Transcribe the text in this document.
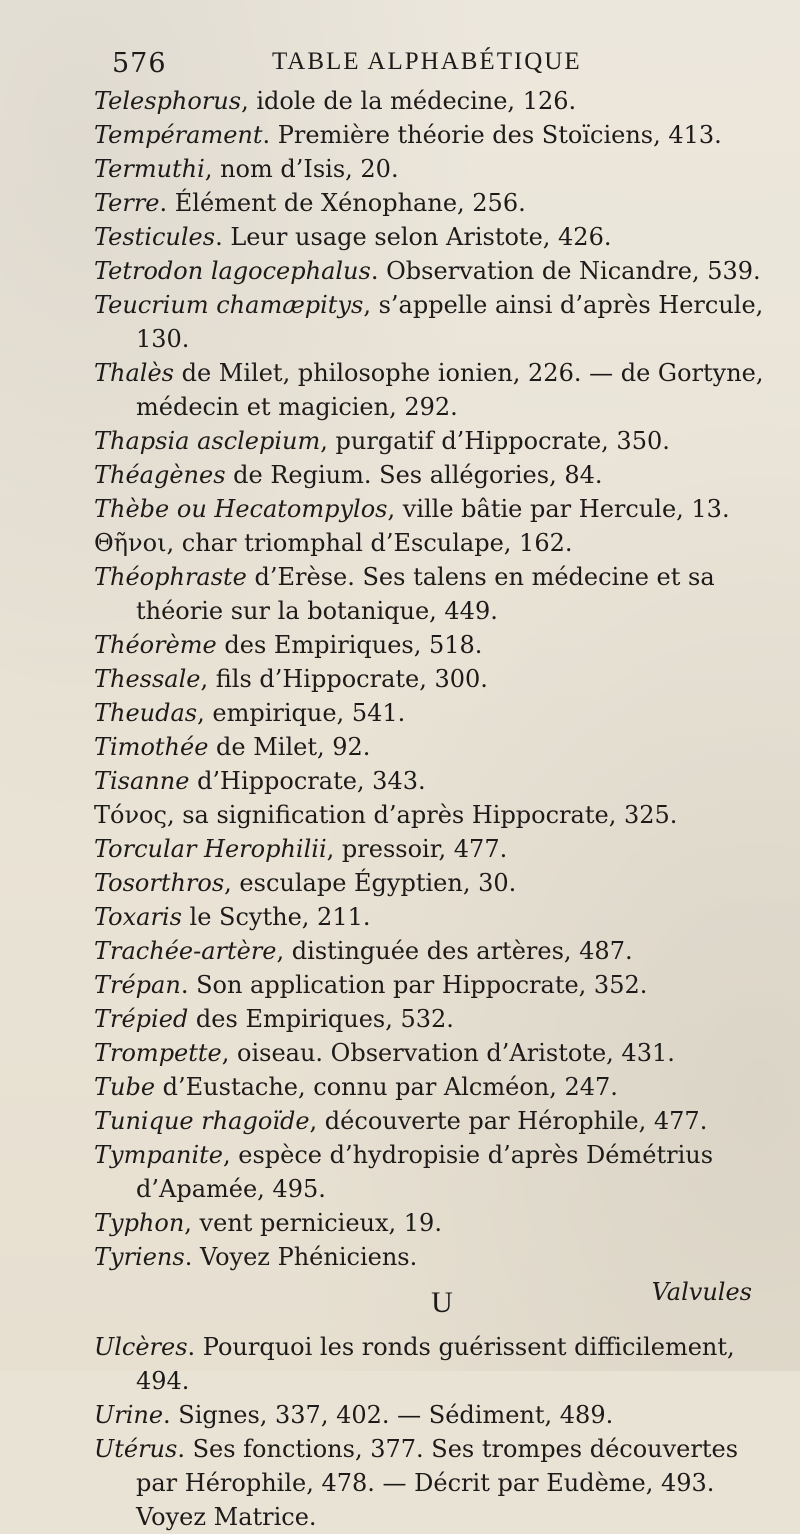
576	TABLE ALPHABÉTIQUE

Telesphorus, idole de la médecine, 126.

Tempérament. Première théorie des Stoïciens, 413.

Termuthi, nom d’Isis, 20.

Terre. Élément de Xénophane, 256.

Testicules. Leur usage selon Aristote, 426.

Tetrodon lagocephalus. Observation de Nicandre, 539.

Teucrium chamæpitys, s’appelle ainsi d’après Hercule, 130.

Thalès de Milet, philosophe ionien, 226. — de Gortyne, médecin et magicien, 292.

Thapsia asclepium, purgatif d’Hippocrate, 350.

Théagènes de Regium. Ses allégories, 84.

Thèbe ou Hecatompylos, ville bâtie par Hercule, 13.

Θῆνοι, char triomphal d’Esculape, 162.

Théophraste d’Erèse. Ses talens en médecine et sa théorie sur la botanique, 449.

Théorème des Empiriques, 518.

Thessale, fils d’Hippocrate, 300.

Theudas, empirique, 541.

Timothée de Milet, 92.

Tisanne d’Hippocrate, 343.

Τόνος, sa signification d’après Hippocrate, 325.

Torcular Herophilii, pressoir, 477.

Tosorthros, esculape Égyptien, 30.

Toxaris le Scythe, 211.

Trachée-artère, distinguée des artères, 487.

Trépan. Son application par Hippocrate, 352.

Trépied des Empiriques, 532.

Trompette, oiseau. Observation d’Aristote, 431.

Tube d’Eustache, connu par Alcméon, 247.

Tunique rhagoïde, découverte par Hérophile, 477.

Tympanite, espèce d’hydropisie d’après Démétrius d’Apamée, 495.

Typhon, vent pernicieux, 19.

Tyriens. Voyez Phéniciens.

U

Ulcères. Pourquoi les ronds guérissent difficilement, 494.

Urine. Signes, 337, 402. — Sédiment, 489.

Utérus. Ses fonctions, 377. Ses trompes découvertes par Hérophile, 478. — Décrit par Eudème, 493. Voyez Matrice.

Valvules
